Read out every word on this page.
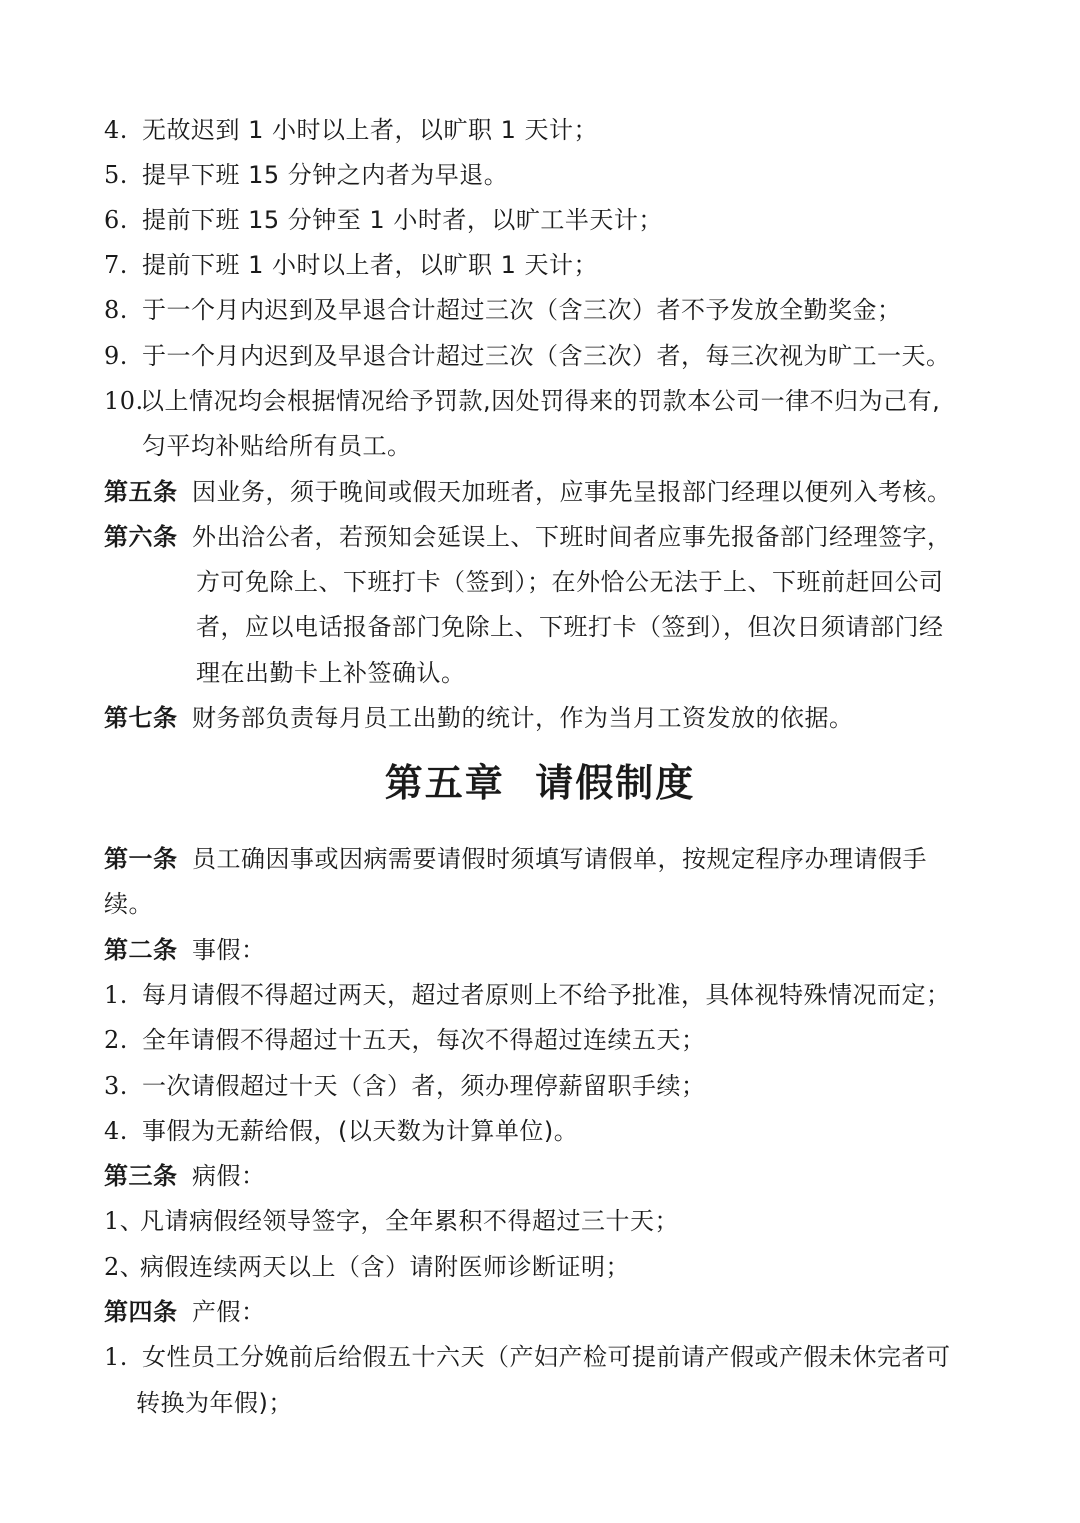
4. 无故迟到 1 小时以上者，以旷职 1 天计；
5. 提早下班 15 分钟之内者为早退。
6. 提前下班 15 分钟至 1 小时者，以旷工半天计；
7. 提前下班 1 小时以上者，以旷职 1 天计；
8. 于一个月内迟到及早退合计超过三次（含三次）者不予发放全勤奖金；
9. 于一个月内迟到及早退合计超过三次（含三次）者，每三次视为旷工一天。
10.以上情况均会根据情况给予罚款,因处罚得来的罚款本公司一律不归为己有,
匀平均补贴给所有员工。
第五条 因业务，须于晚间或假天加班者，应事先呈报部门经理以便列入考核。
第六条 外出洽公者，若预知会延误上、下班时间者应事先报备部门经理签字，
方可免除上、下班打卡（签到）；在外恰公无法于上、下班前赶回公司
者，应以电话报备部门免除上、下班打卡（签到），但次日须请部门经
理在出勤卡上补签确认。
第七条 财务部负责每月员工出勤的统计，作为当月工资发放的依据。
第五章  请假制度
第一条 员工确因事或因病需要请假时须填写请假单，按规定程序办理请假手
续。
第二条 事假：
1. 每月请假不得超过两天，超过者原则上不给予批准，具体视特殊情况而定；
2. 全年请假不得超过十五天，每次不得超过连续五天；
3. 一次请假超过十天（含）者，须办理停薪留职手续；
4. 事假为无薪给假，(以天数为计算单位)。
第三条 病假：
1、凡请病假经领导签字，全年累积不得超过三十天；
2、病假连续两天以上（含）请附医师诊断证明；
第四条 产假：
1. 女性员工分娩前后给假五十六天（产妇产检可提前请产假或产假未休完者可
转换为年假)；
